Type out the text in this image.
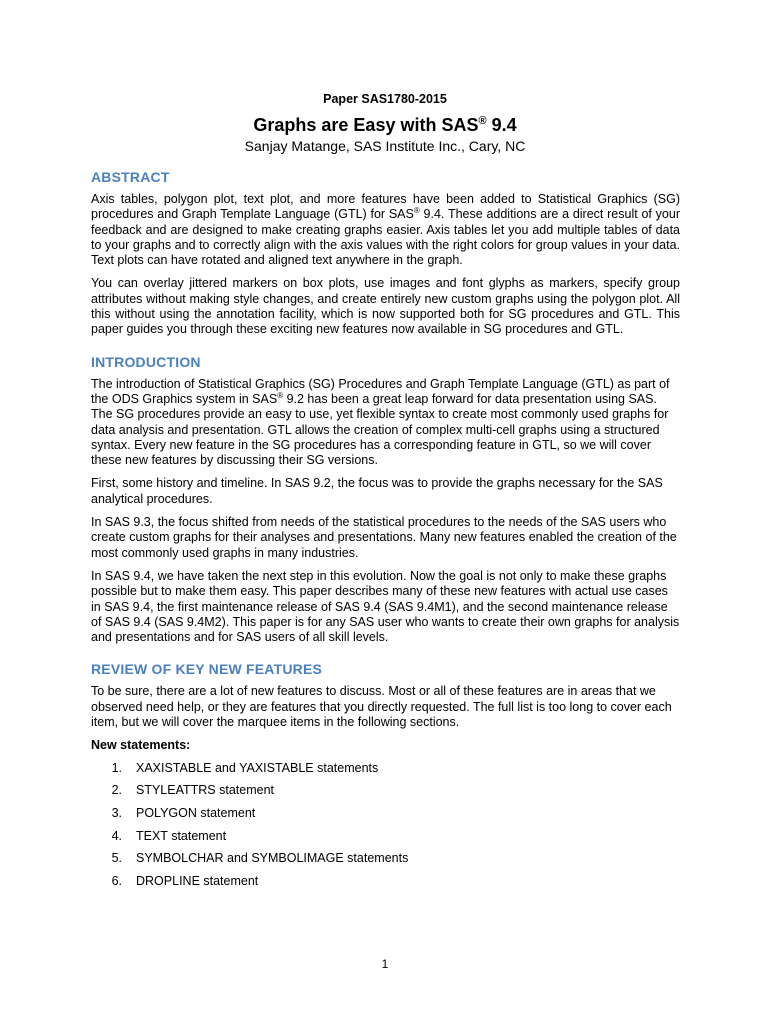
Paper SAS1780-2015
Graphs are Easy with SAS® 9.4
Sanjay Matange, SAS Institute Inc., Cary, NC
ABSTRACT

Axis tables, polygon plot, text plot, and more features have been added to Statistical Graphics (SG) procedures and Graph Template Language (GTL) for SAS® 9.4. These additions are a direct result of your feedback and are designed to make creating graphs easier. Axis tables let you add multiple tables of data to your graphs and to correctly align with the axis values with the right colors for group values in your data. Text plots can have rotated and aligned text anywhere in the graph.

You can overlay jittered markers on box plots, use images and font glyphs as markers, specify group attributes without making style changes, and create entirely new custom graphs using the polygon plot. All this without using the annotation facility, which is now supported both for SG procedures and GTL. This paper guides you through these exciting new features now available in SG procedures and GTL.

INTRODUCTION

The introduction of Statistical Graphics (SG) Procedures and Graph Template Language (GTL) as part of the ODS Graphics system in SAS® 9.2 has been a great leap forward for data presentation using SAS. The SG procedures provide an easy to use, yet flexible syntax to create most commonly used graphs for data analysis and presentation. GTL allows the creation of complex multi-cell graphs using a structured syntax. Every new feature in the SG procedures has a corresponding feature in GTL, so we will cover these new features by discussing their SG versions.

First, some history and timeline. In SAS 9.2, the focus was to provide the graphs necessary for the SAS analytical procedures.

In SAS 9.3, the focus shifted from needs of the statistical procedures to the needs of the SAS users who create custom graphs for their analyses and presentations. Many new features enabled the creation of the most commonly used graphs in many industries.

In SAS 9.4, we have taken the next step in this evolution. Now the goal is not only to make these graphs possible but to make them easy. This paper describes many of these new features with actual use cases in SAS 9.4, the first maintenance release of SAS 9.4 (SAS 9.4M1), and the second maintenance release of SAS 9.4 (SAS 9.4M2). This paper is for any SAS user who wants to create their own graphs for analysis and presentations and for SAS users of all skill levels.

REVIEW OF KEY NEW FEATURES

To be sure, there are a lot of new features to discuss. Most or all of these features are in areas that we observed need help, or they are features that you directly requested. The full list is too long to cover each item, but we will cover the marquee items in the following sections.

New statements:
1.	XAXISTABLE and YAXISTABLE statements
2.	STYLEATTRS statement
3.	POLYGON statement
4.	TEXT statement
5.	SYMBOLCHAR and SYMBOLIMAGE statements
6.	DROPLINE statement
1
